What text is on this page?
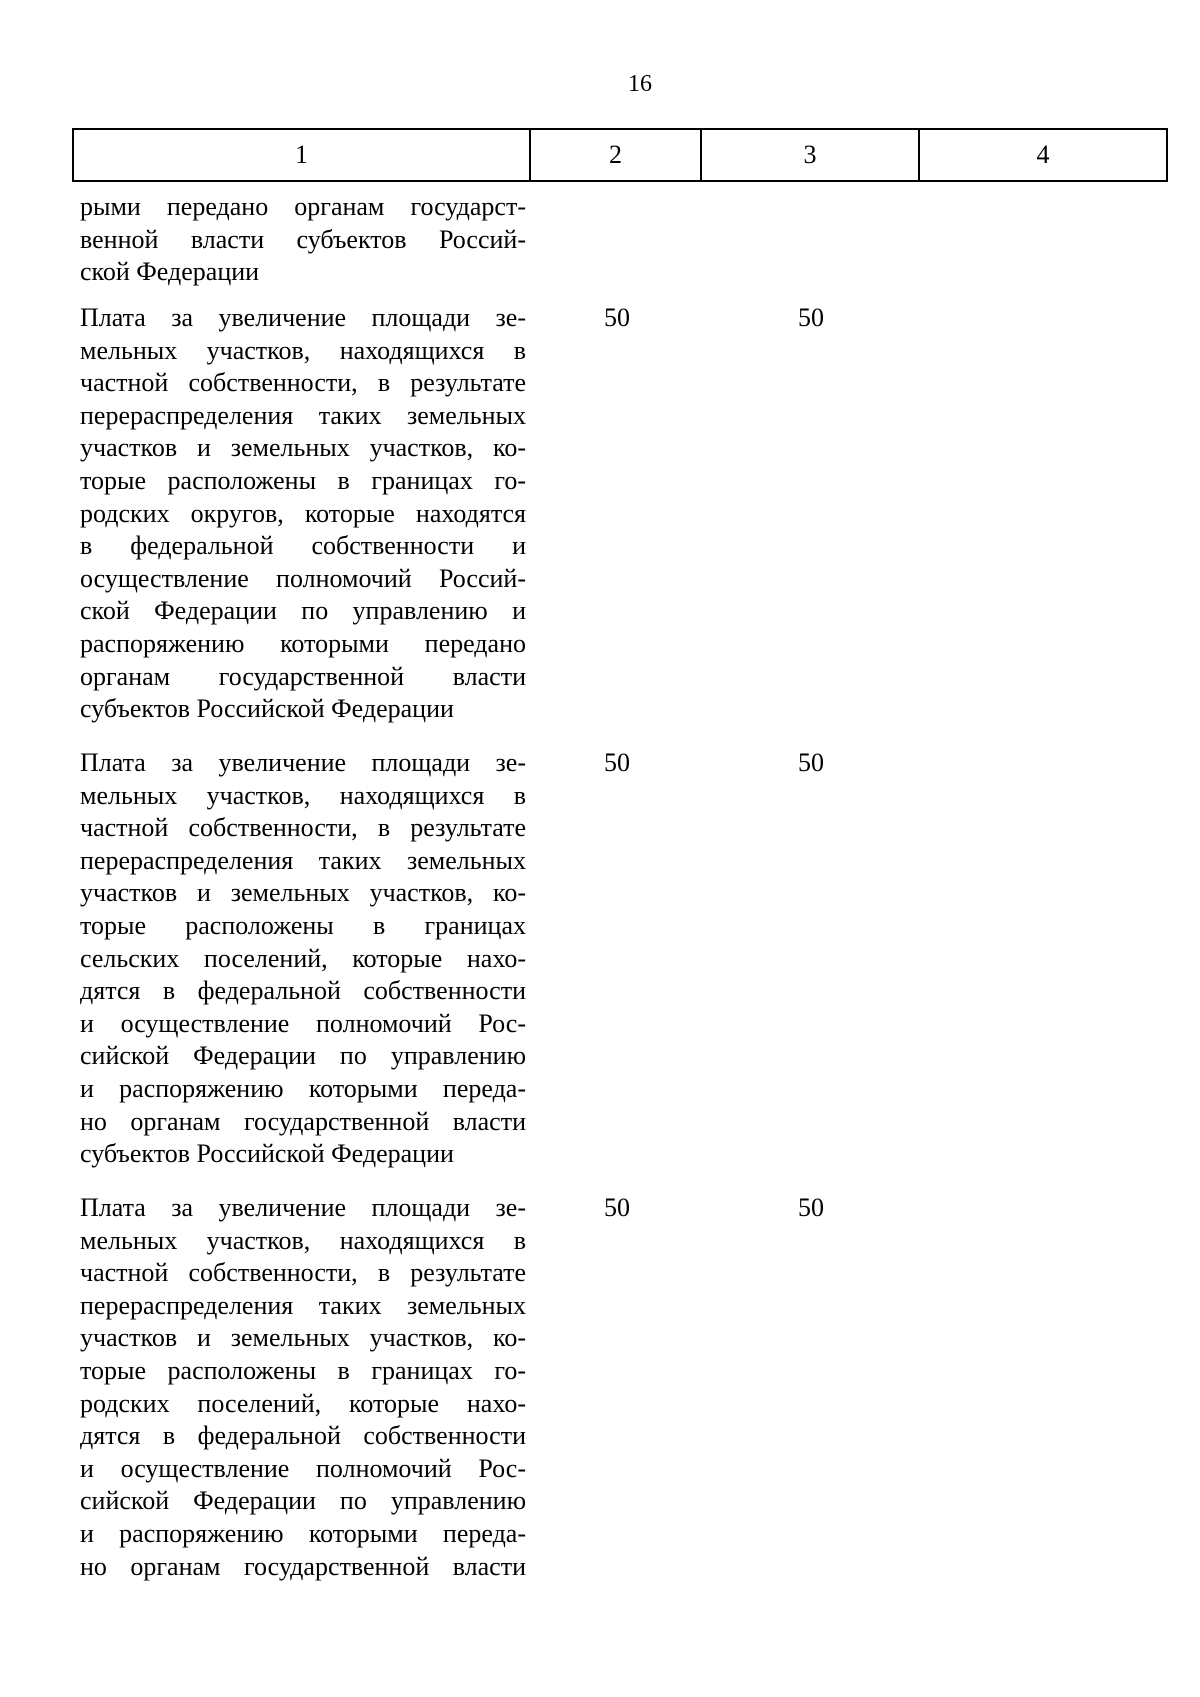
16
1	2	3	4
рыми передано органам государст-
венной власти субъектов Россий-
ской Федерации
Плата за увеличение площади зе-
мельных участков, находящихся в
частной собственности, в результате
перераспределения таких земельных
участков и земельных участков, ко-
торые расположены в границах го-
родских округов, которые находятся
в федеральной собственности и
осуществление полномочий Россий-
ской Федерации по управлению и
распоряжению которыми передано
органам государственной власти
субъектов Российской Федерации
50	50
Плата за увеличение площади зе-
мельных участков, находящихся в
частной собственности, в результате
перераспределения таких земельных
участков и земельных участков, ко-
торые расположены в границах
сельских поселений, которые нахо-
дятся в федеральной собственности
и осуществление полномочий Рос-
сийской Федерации по управлению
и распоряжению которыми переда-
но органам государственной власти
субъектов Российской Федерации
50	50
Плата за увеличение площади зе-
мельных участков, находящихся в
частной собственности, в результате
перераспределения таких земельных
участков и земельных участков, ко-
торые расположены в границах го-
родских поселений, которые нахо-
дятся в федеральной собственности
и осуществление полномочий Рос-
сийской Федерации по управлению
и распоряжению которыми переда-
но органам государственной власти
50	50
